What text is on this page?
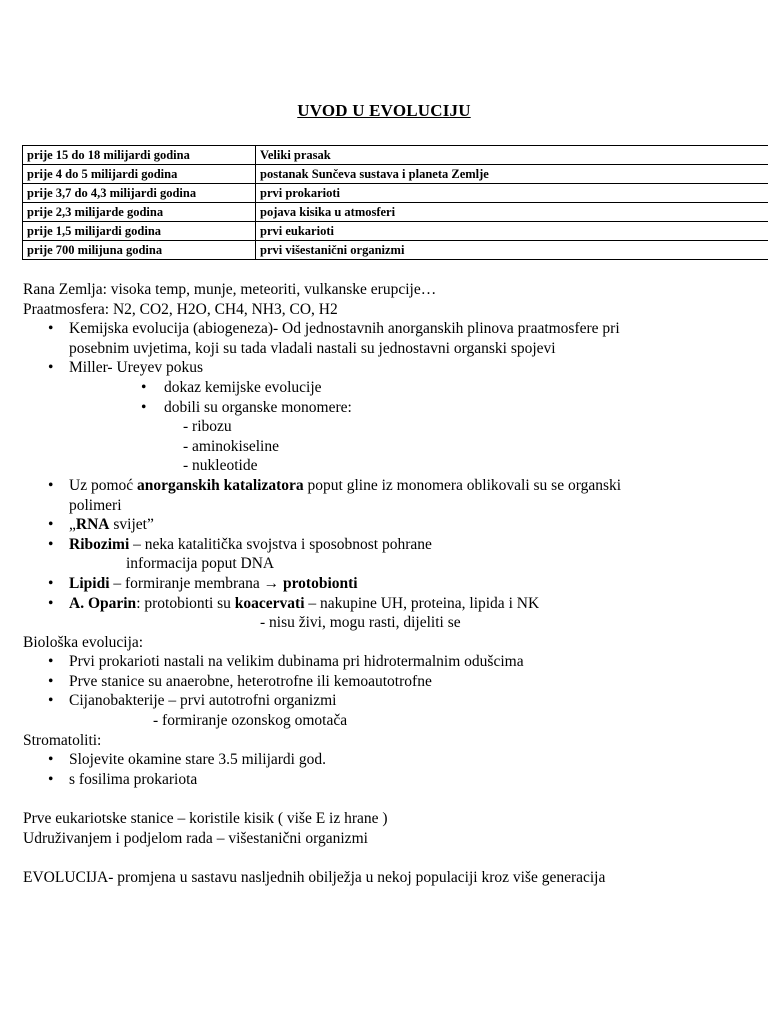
UVOD U EVOLUCIJU
prije 15 do 18 milijardi godina	Veliki prasak
prije 4 do 5 milijardi godina	postanak Sunčeva sustava i planeta Zemlje
prije 3,7 do 4,3 milijardi godina	prvi prokarioti
prije 2,3 milijarde godina	pojava kisika u atmosferi
prije 1,5 milijardi godina	prvi eukarioti
prije 700 milijuna godina	prvi višestanični organizmi
Rana Zemlja: visoka temp, munje, meteoriti, vulkanske erupcije…
Praatmosfera: N2, CO2, H2O, CH4, NH3, CO, H2
• Kemijska evolucija (abiogeneza)- Od jednostavnih anorganskih plinova praatmosfere pri
posebnim uvjetima, koji su tada vladali nastali su jednostavni organski spojevi
• Miller- Ureyev pokus
• dokaz kemijske evolucije
• dobili su organske monomere:
- ribozu
- aminokiseline
- nukleotide
• Uz pomoć anorganskih katalizatora poput gline iz monomera oblikovali su se organski
polimeri
• „RNA svijet”
• Ribozimi – neka katalitička svojstva i sposobnost pohrane
informacija poput DNA
• Lipidi – formiranje membrana → protobionti
• A. Oparin: protobionti su koacervati – nakupine UH, proteina, lipida i NK
- nisu živi, mogu rasti, dijeliti se
Biološka evolucija:
• Prvi prokarioti nastali na velikim dubinama pri hidrotermalnim odušcima
• Prve stanice su anaerobne, heterotrofne ili kemoautotrofne
• Cijanobakterije – prvi autotrofni organizmi
- formiranje ozonskog omotača
Stromatoliti:
• Slojevite okamine stare 3.5 milijardi god.
• s fosilima prokariota
Prve eukariotske stanice – koristile kisik ( više E iz hrane )
Udruživanjem i podjelom rada – višestanični organizmi
EVOLUCIJA- promjena u sastavu nasljednih obilježja u nekoj populaciji kroz više generacija
